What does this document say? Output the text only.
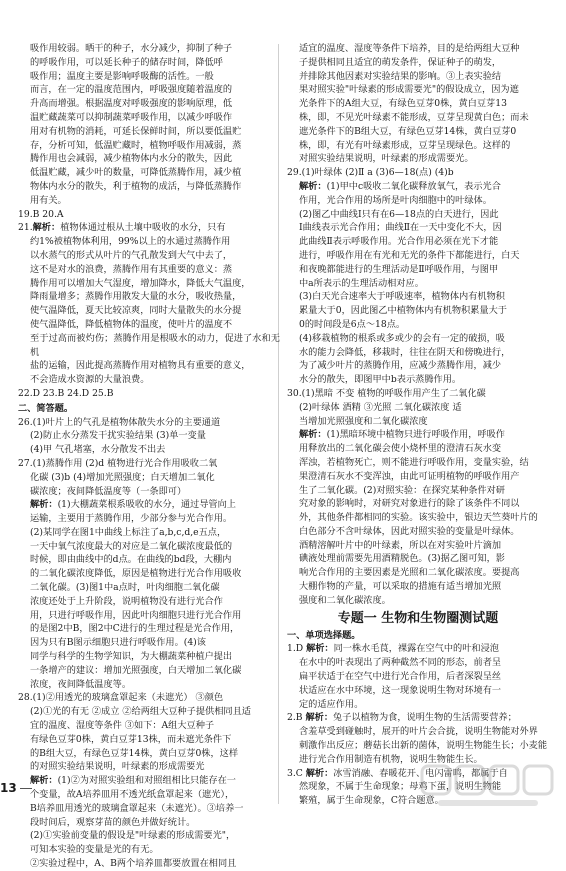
吸作用较弱。晒干的种子，水分减少，抑制了种子

的呼吸作用，可以延长种子的储存时间，降低呼

吸作用；温度主要是影响呼吸酶的活性。一般

而言，在一定的温度范围内，呼吸强度随着温度的

升高而增强。根据温度对呼吸强度的影响原理，低

温贮藏蔬菜可以抑制蔬菜呼吸作用，以减少呼吸作

用对有机物的消耗，可延长保鲜时间，所以要低温贮

存，分析可知，低温贮藏时，植物呼吸作用减弱，蒸

腾作用也会减弱，减少植物体内水分的散失，因此

低温贮藏，减少叶的数量，可降低蒸腾作用，减少植

物体内水分的散失，利于植物的成活，与降低蒸腾作

用有关。

19.B 20.A

21.解析：植物体通过根从土壤中吸收的水分，只有

约1%被植物体利用，99%以上的水通过蒸腾作用

以水蒸气的形式从叶片的气孔散发到大气中去了，

这不是对水的浪费，蒸腾作用有其重要的意义：蒸

腾作用可以增加大气湿度，增加降水，降低大气温度，

降雨量增多；蒸腾作用散发大量的水分，吸收热量，

使气温降低，夏天比较凉爽，同时大量散失的水分提

使气温降低，降低植物体的温度，使叶片的温度不

至于过高而被灼伤；蒸腾作用是根吸水的动力，促进了水和无机

盐的运输，因此提高蒸腾作用对植物具有重要的意义，

不会造成水资源的大量浪费。

22.D 23.B 24.D 25.B

二、简答题。

26.(1)叶片上的气孔是植物体散失水分的主要通道

(2)防止水分蒸发干扰实验结果 (3)单一变量

(4)甲 气孔堵塞，水分散发不出去

27.(1)蒸腾作用 (2)d 植物进行光合作用吸收二氧

化碳 (3)b (4)增加光照强度；白天增加二氧化

碳浓度；夜间降低温度等（一条即可）

解析：(1)大棚蔬菜根系吸收的水分，通过导管向上

运输，主要用于蒸腾作用，少部分参与光合作用。

(2)某同学在图1中曲线上标注了a,b,c,d,e五点，

一天中氧气浓度最大的对应是二氧化碳浓度最低的

时候，即由曲线中的d点。在曲线的bd段，大棚内

的二氧化碳浓度降低，原因是植物进行光合作用吸收

二氧化碳。(3)图1中a点时，叶肉细胞二氧化碳

浓度还处于上升阶段，说明植物没有进行光合作

用，只进行呼吸作用，因此叶肉细胞只进行光合作用

的是图2中B，图2中C进行的生理过程是光合作用，

因为只有B图示细胞只进行呼吸作用。(4)该

同学与科学的生物学知识，为大棚蔬菜种植户提出

一条增产的建议：增加光照强度，白天增加二氧化碳

浓度，夜间降低温度等。

28.(1)②用透光的玻璃盒罩起来（未遮光） ③颜色

(2)①光的有无 ②成立 ②给两组大豆种子提供相同且适

宜的温度、湿度等条件 ③如下：A组大豆种子

有绿色豆芽0株，黄白豆芽13株，而未遮光条件下

的B组大豆，有绿色豆芽14株，黄白豆芽0株，这样

的对照实验结果说明，叶绿素的形成需要光

解析：(1)②为对照实验组和对照组相比只能存在一

个变量，故A培养皿用不透光纸盒罩起来（遮光），

B培养皿用透光的玻璃盒罩起来（未遮光）。③培养一

段时间后，观察芽苗的颜色并做好统计。

(2)①实验前变量的假设是"叶绿素的形成需要光"，

可知本实验的变量是光的有无。

②实验过程中，A、B两个培养皿都要放置在相同且

适宜的温度、湿度等条件下培养，目的是给两组大豆种

子提供相同且适宜的萌发条件，保证种子的萌发，

并排除其他因素对实验结果的影响。③上表实验结

果对照实验"叶绿素的形成需要光"的假设成立，因为遮

光条件下的A组大豆，有绿色豆芽0株，黄白豆芽13

株，即，不见光叶绿素不能形成，豆芽呈现黄白色；而未

遮光条件下的B组大豆，有绿色豆芽14株，黄白豆芽0

株，即，有光有叶绿素形成，豆芽呈现绿色。这样的

对照实验结果说明，叶绿素的形成需要光。

29.(1)叶绿体 (2)Ⅱ a (3)6—18(点) (4)b

解析：(1)甲中c吸收二氧化碳释放氧气，表示光合

作用，光合作用的场所是叶肉细胞中的叶绿体。

(2)图乙中曲线Ⅰ只有在6—18点的白天进行，因此

Ⅰ曲线表示光合作用；曲线Ⅱ在一天中变化不大，因

此曲线Ⅱ表示呼吸作用。光合作用必须在光下才能

进行，呼吸作用在有光和无光的条件下都能进行，白天

和夜晚都能进行的生理活动是Ⅱ呼吸作用，与图甲

中a所表示的生理活动相对应。

(3)白天光合速率大于呼吸速率，植物体内有机物积

累量大于0，因此图乙中植物体内有机物积累量大于

0的时间段是6点～18点。

(4)移栽植物的根系或多或少的会有一定的破损，吸

水的能力会降低，移栽时，往往在阴天和傍晚进行，

为了减少叶片的蒸腾作用，应减少蒸腾作用，减少

水分的散失，即图甲中b表示蒸腾作用。

30.(1)黑暗 不变 植物的呼吸作用产生了二氧化碳

(2)叶绿体 酒精 ③光照 二氧化碳浓度 适

当增加光照强度和二氧化碳浓度

解析：(1)黑暗环境中植物只进行呼吸作用，呼吸作

用释放出的二氧化碳会使小烧杯里的澄清石灰水变

浑浊，若植物死亡，则不能进行呼吸作用，变量实验，结

果澄清石灰水不变浑浊，由此可证明植物的呼吸作用产

生了二氧化碳。(2)对照实验：在探究某种条件对研

究对象的影响时，对研究对象进行的除了该条件不同以

外，其他条件都相同的实验。该实验中，银边天竺葵叶片的

白色部分不含叶绿体，因此对照实验的变量是叶绿体。

酒精溶解叶片中的叶绿素，所以在对实验叶片滴加

碘液处理前需要先用酒精脱色。(3)据乙图可知，影

响光合作用的主要因素是光照和二氧化碳浓度。要提高

大棚作物的产量，可以采取的措施有适当增加光照

强度和二氧化碳浓度。

专题一 生物和生物圈测试题

一、单项选择题。

1.D 解析：同一株水毛茛，裸露在空气中的叶和浸泡

在水中的叶表现出了两种截然不同的形态，前者呈

扁平状适于在空气中进行光合作用，后者深裂呈丝

状适应在水中环境，这一现象说明生物对环境有一

定的适应作用。

2.B 解析：兔子以植物为食，说明生物的生活需要营养；

含羞草受到碰触时，展开的叶片会合拢，说明生物能对外界

刺激作出反应；蘑菇长出新的菌体，说明生物能生长；小麦能

进行光合作用制造有机物，说明生物能生长。

3.C 解析：冰雪消融、春暖花开、电闪雷鸣，都属于自

然现象，不属于生命现象；母鸡下蛋，说明生物能

繁殖，属于生命现象，C符合题意。

13
